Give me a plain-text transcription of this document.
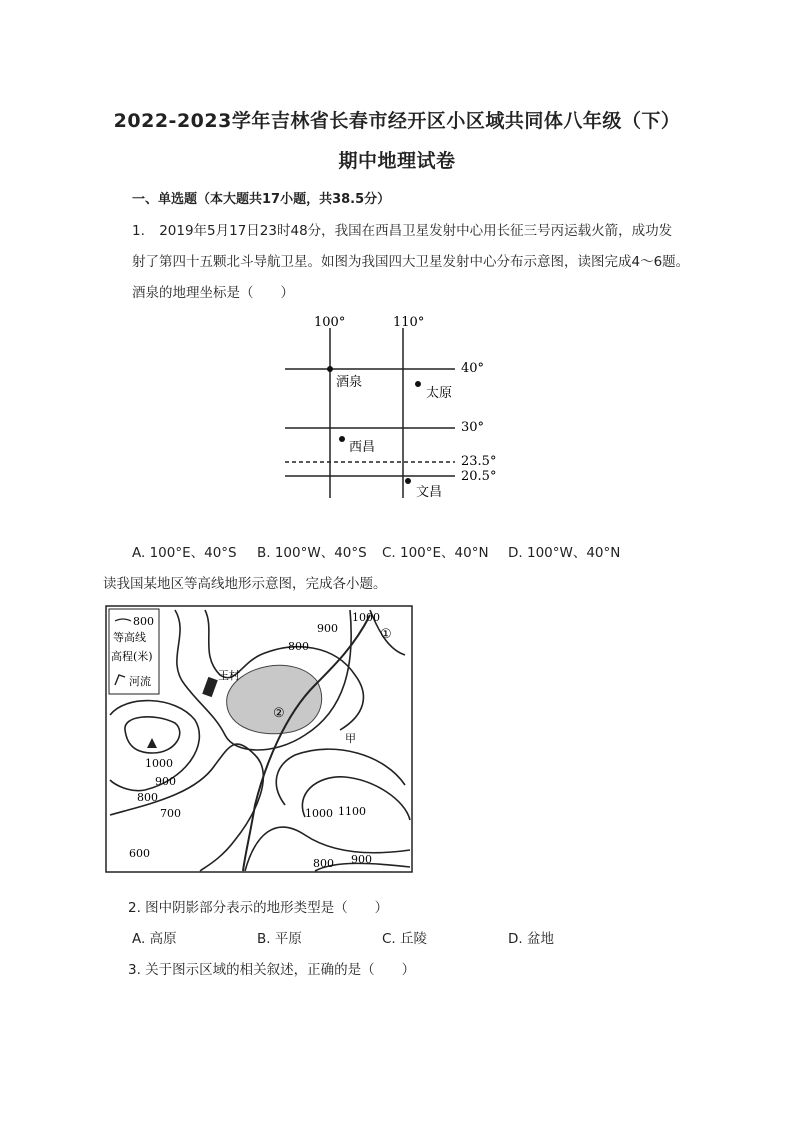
2022-2023学年吉林省长春市经开区小区域共同体八年级（下）
期中地理试卷
一、单选题（本大题共17小题，共38.5分）
1. 2019年5月17日23时48分，我国在西昌卫星发射中心用长征三号丙运载火箭，成功发
射了第四十五颗北斗导航卫星。如图为我国四大卫星发射中心分布示意图，读图完成4～6题。
酒泉的地理坐标是（　　）
100°	110°
40°
30°
23.5°
20.5°
酒泉
太原
西昌
文昌
A. 100°E、40°S B. 100°W、40°S C. 100°E、40°N D. 100°W、40°N
读我国某地区等高线地形示意图，完成各小题。
800
等高线
高程(米)
河流	王村
②
①
甲
1000
900
800
1000
900
800
700
600
1000 1100
900
800
2. 图中阴影部分表示的地形类型是（　　）
A. 高原	B. 平原	C. 丘陵	D. 盆地
3. 关于图示区域的相关叙述，正确的是（　　）
